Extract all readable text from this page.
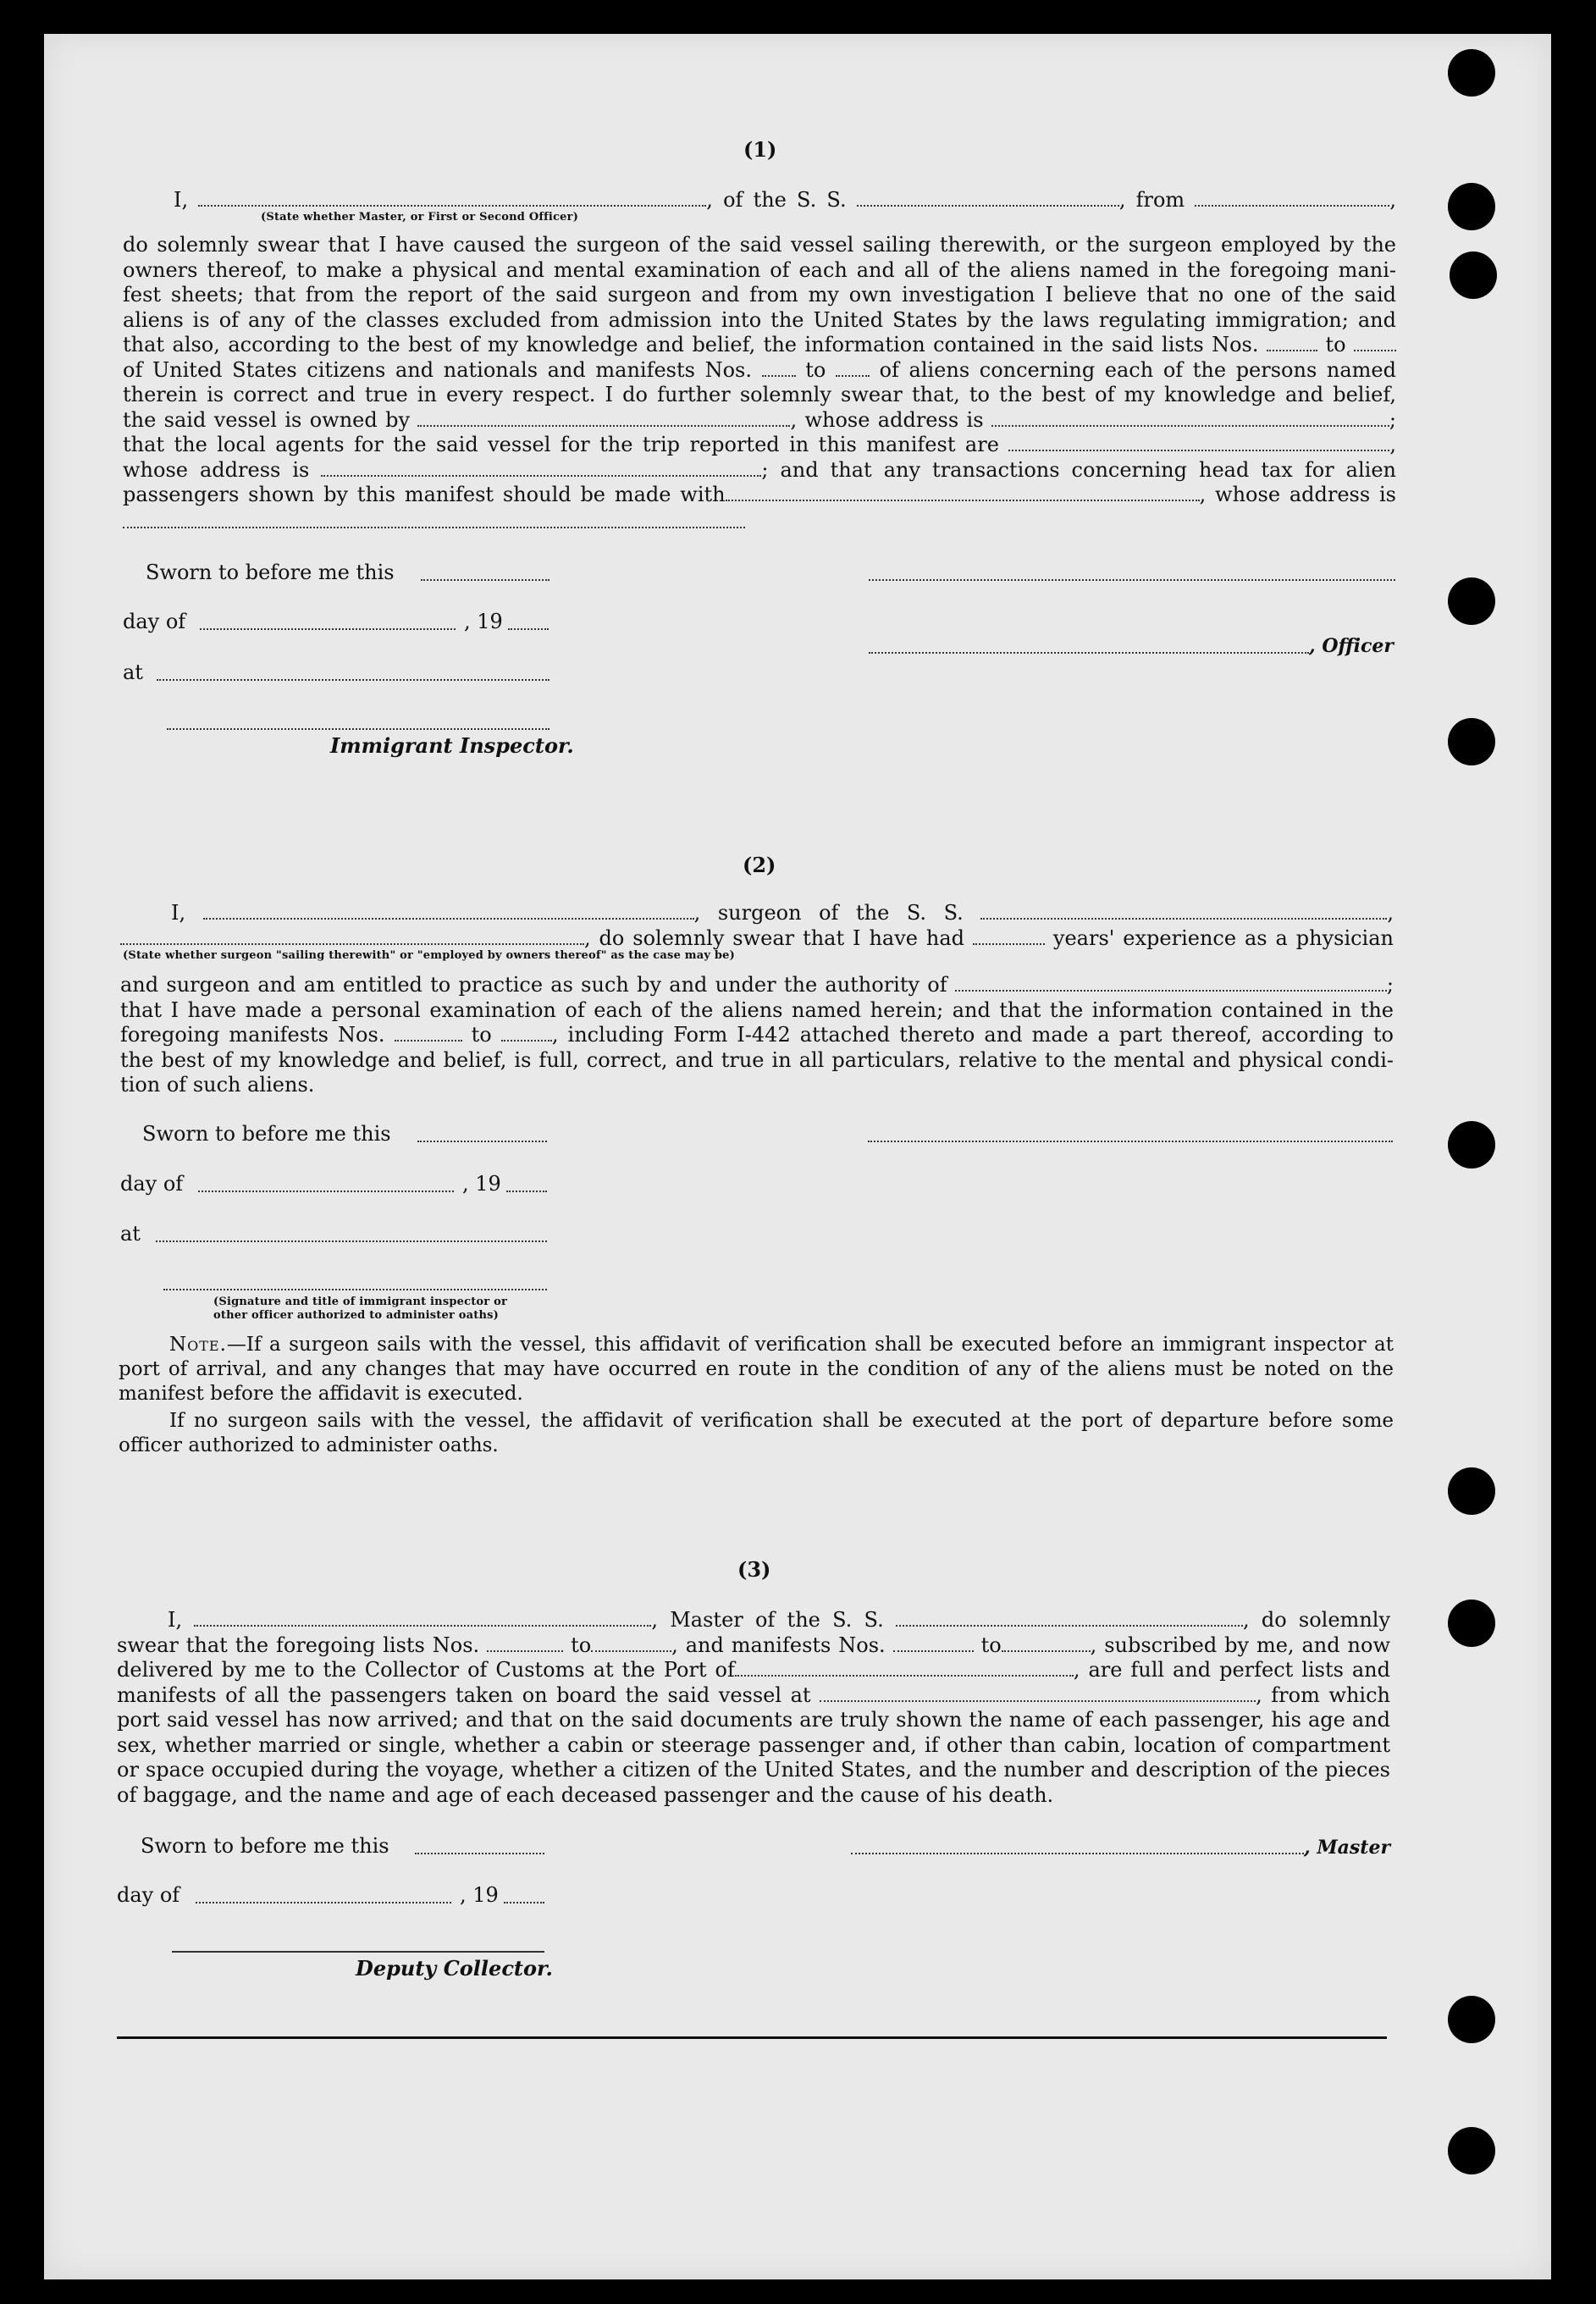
(1)
I,	, of the S. S.	, from	,
(State whether Master, or First or Second Officer)
do solemnly swear that I have caused the surgeon of the said vessel sailing therewith, or the surgeon employed by the
owners thereof, to make a physical and mental examination of each and all of the aliens named in the foregoing mani-
fest sheets; that from the report of the said surgeon and from my own investigation I believe that no one of the said
aliens is of any of the classes excluded from admission into the United States by the laws regulating immigration; and
that also, according to the best of my knowledge and belief, the information contained in the said lists Nos.	to
of United States citizens and nationals and manifests Nos.	to	of aliens concerning each of the persons named
therein is correct and true in every respect. I do further solemnly swear that, to the best of my knowledge and belief,
the said vessel is owned by	, whose address is	;
that the local agents for the said vessel for the trip reported in this manifest are	,
whose address is	; and that any transactions concerning head tax for alien
passengers shown by this manifest should be made with	, whose address is
Sworn to before me this
day of	, 19
, Officer
at
Immigrant Inspector.
(2)
I,	, surgeon of the S. S.	,
, do solemnly swear that I have had	years' experience as a physician
(State whether surgeon "sailing therewith" or "employed by owners thereof" as the case may be)
and surgeon and am entitled to practice as such by and under the authority of	;
that I have made a personal examination of each of the aliens named herein; and that the information contained in the
foregoing manifests Nos.	to	, including Form I-442 attached thereto and made a part thereof, according to
the best of my knowledge and belief, is full, correct, and true in all particulars, relative to the mental and physical condi-
tion of such aliens.
Sworn to before me this
day of	, 19
at
(Signature and title of immigrant inspector or
other officer authorized to administer oaths)
Note.—If a surgeon sails with the vessel, this affidavit of verification shall be executed before an immigrant inspector at port of arrival, and any changes that may have occurred en route in the condition of any of the aliens must be noted on the manifest before the affidavit is executed.
If no surgeon sails with the vessel, the affidavit of verification shall be executed at the port of departure before some officer authorized to administer oaths.
(3)
I,	, Master of the S. S.	, do solemnly
swear that the foregoing lists Nos.	to	, and manifests Nos.	to	, subscribed by me, and now
delivered by me to the Collector of Customs at the Port of	, are full and perfect lists and
manifests of all the passengers taken on board the said vessel at	, from which
port said vessel has now arrived; and that on the said documents are truly shown the name of each passenger, his age and
sex, whether married or single, whether a cabin or steerage passenger and, if other than cabin, location of compartment
or space occupied during the voyage, whether a citizen of the United States, and the number and description of the pieces
of baggage, and the name and age of each deceased passenger and the cause of his death.
Sworn to before me this	, Master
day of	, 19
Deputy Collector.
